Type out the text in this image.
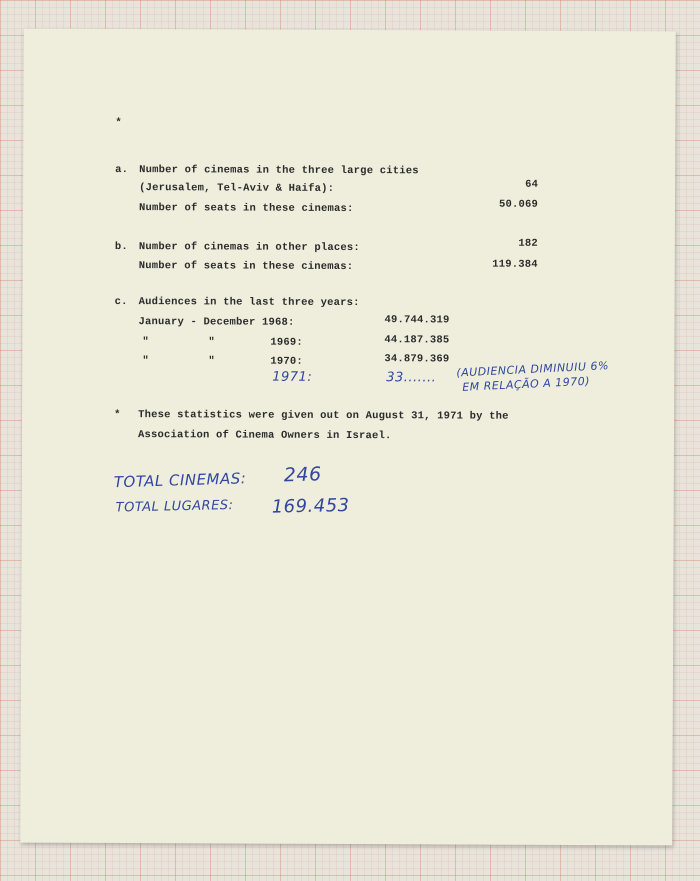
*

a. Number of cinemas in the three large cities

(Jerusalem, Tel-Aviv & Haifa):	64

Number of seats in these cinemas:	50.069

b. Number of cinemas in other places:	182

Number of seats in these cinemas:	119.384

c. Audiences in the last three years:

January - December 1968:	49.744.319

"	"	1969:	44.187.385

"	"	1970:	34.879.369

1971:	33....... (AUDIENCIA DIMINUIU 6%

EM RELAÇÃO A 1970)

* These statistics were given out on August 31, 1971 by the

Association of Cinema Owners in Israel.

TOTAL CINEMAS: 246

TOTAL LUGARES: 169.453
